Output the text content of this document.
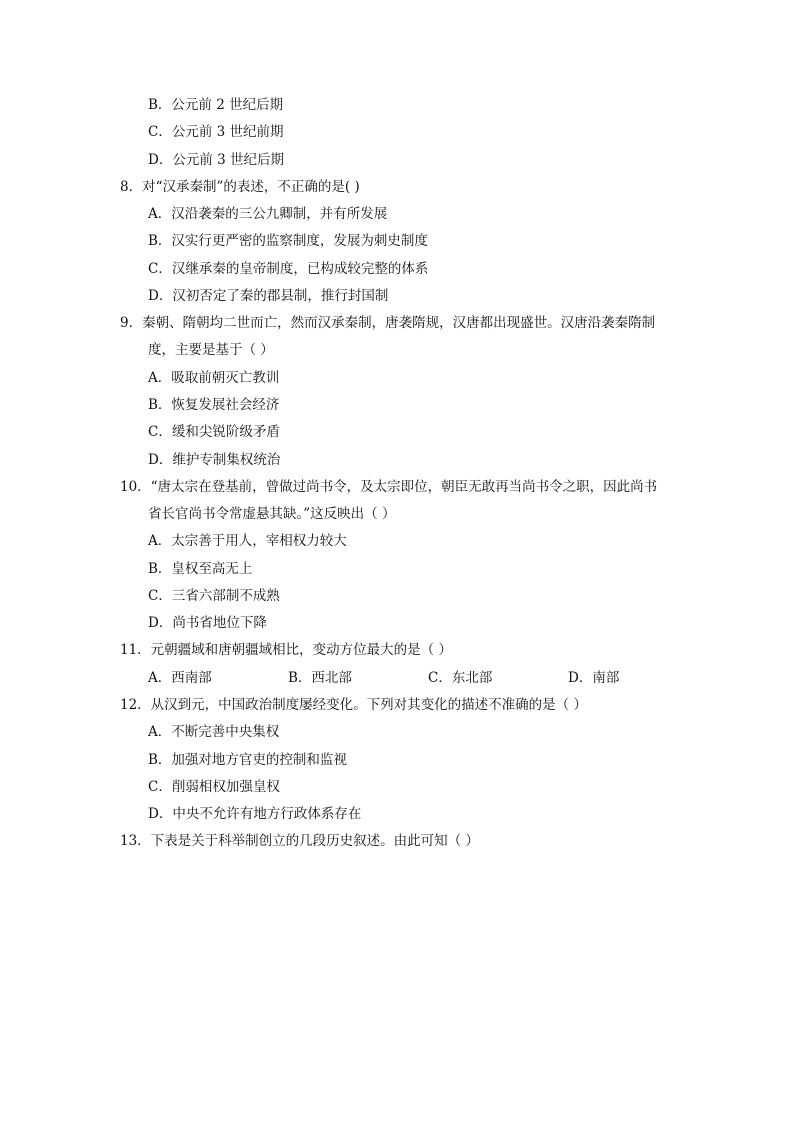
B．公元前 2 世纪后期
C．公元前 3 世纪前期
D．公元前 3 世纪后期
8．对“汉承秦制”的表述，不正确的是( )
A．汉沿袭秦的三公九卿制，并有所发展
B．汉实行更严密的监察制度，发展为刺史制度
C．汉继承秦的皇帝制度，已构成较完整的体系
D．汉初否定了秦的郡县制，推行封国制
9．秦朝、隋朝均二世而亡，然而汉承秦制，唐袭隋规，汉唐都出现盛世。汉唐沿袭秦隋制
度，主要是基于（ ）
A．吸取前朝灭亡教训
B．恢复发展社会经济
C．缓和尖锐阶级矛盾
D．维护专制集权统治
10．“唐太宗在登基前，曾做过尚书令，及太宗即位，朝臣无敢再当尚书令之职，因此尚书
省长官尚书令常虚悬其缺。”这反映出（ ）
A．太宗善于用人，宰相权力较大
B．皇权至高无上
C．三省六部制不成熟
D．尚书省地位下降
11．元朝疆域和唐朝疆域相比，变动方位最大的是（ ）
A．西南部	B．西北部	C．东北部	D．南部
12．从汉到元，中国政治制度屡经变化。下列对其变化的描述不准确的是（ ）
A．不断完善中央集权
B．加强对地方官吏的控制和监视
C．削弱相权加强皇权
D．中央不允许有地方行政体系存在
13．下表是关于科举制创立的几段历史叙述。由此可知（ ）
